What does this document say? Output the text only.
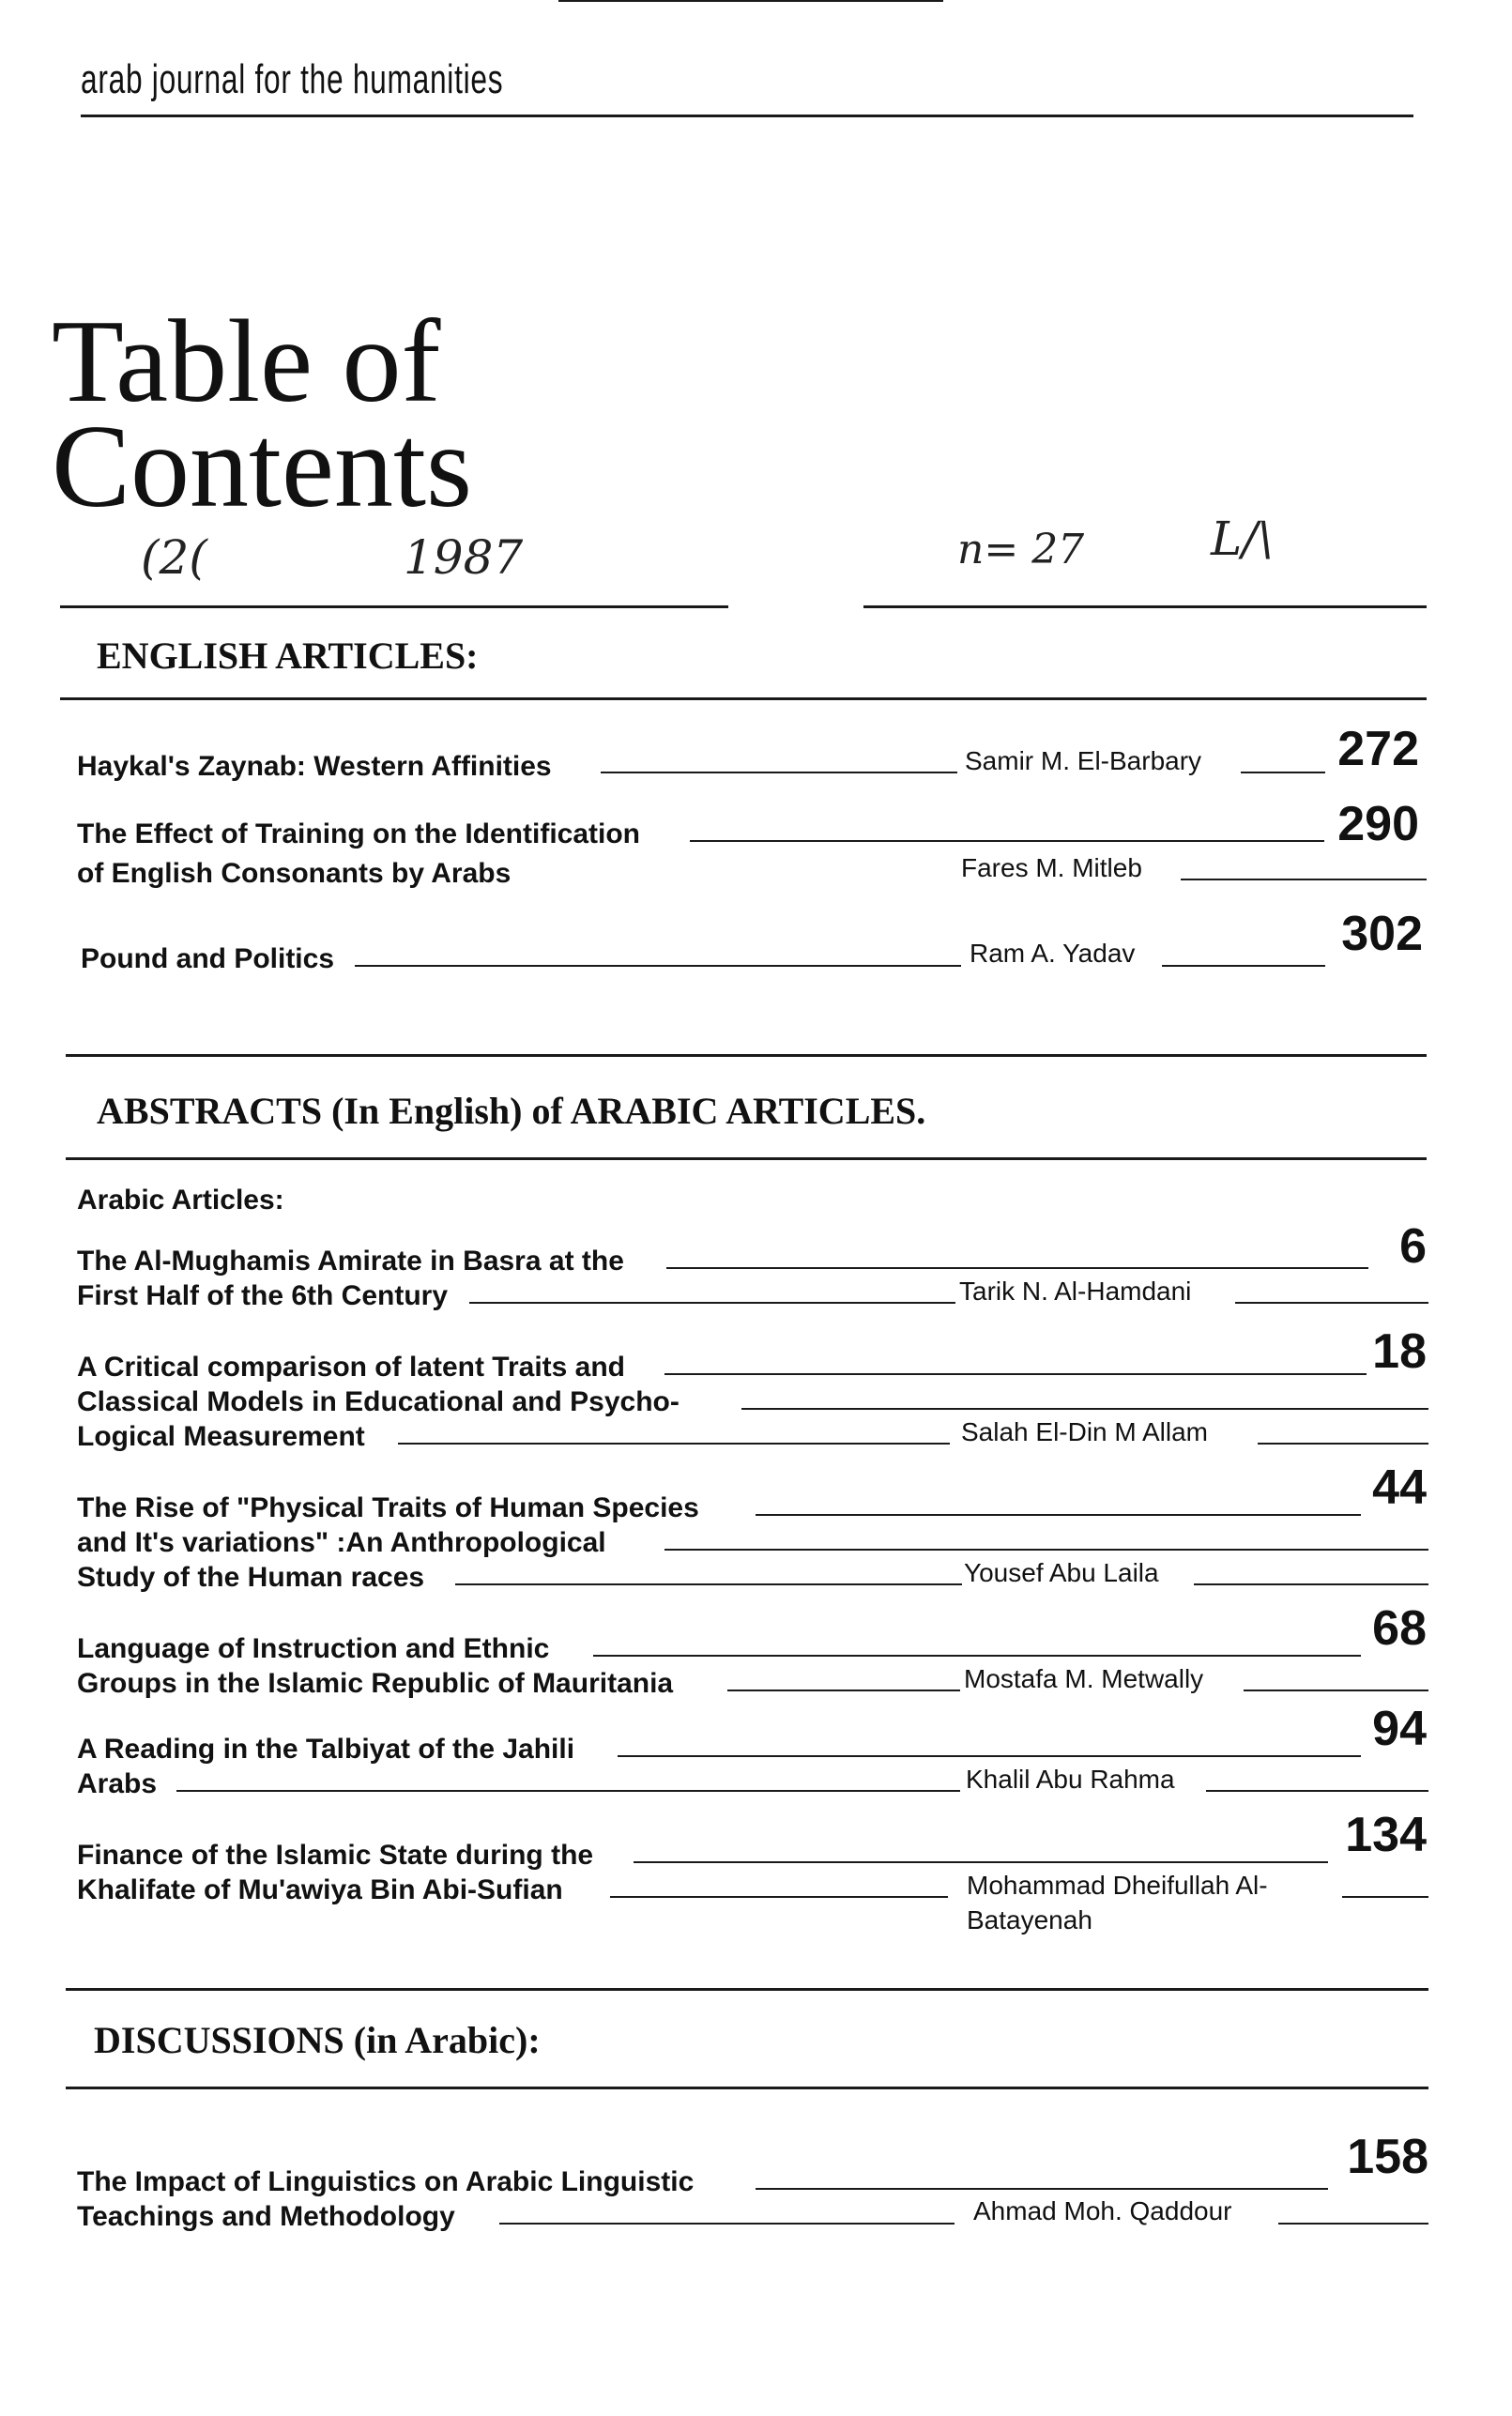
arab journal for the humanities
Table of
Contents
(2(	1987	n= 27	L/\
ENGLISH ARTICLES:
Haykal's Zaynab: Western Affinities	Samir M. El-Barbary	272
The Effect of Training on the Identification	290
of English Consonants by Arabs	Fares M. Mitleb
Pound and Politics	Ram A. Yadav	302
ABSTRACTS (In English) of ARABIC ARTICLES.
Arabic Articles:
The Al-Mughamis Amirate in Basra at the	6
First Half of the 6th Century	Tarik N. Al-Hamdani
A Critical comparison of latent Traits and	18
Classical Models in Educational and Psycho-
Logical Measurement	Salah El-Din M Allam
The Rise of "Physical Traits of Human Species	44
and It's variations" :An Anthropological
Study of the Human races	Yousef Abu Laila
Language of Instruction and Ethnic	68
Groups in the Islamic Republic of Mauritania	Mostafa M. Metwally
A Reading in the Talbiyat of the Jahili	94
Arabs	Khalil Abu Rahma
Finance of the Islamic State during the	134
Khalifate of Mu'awiya Bin Abi-Sufian	Mohammad Dheifullah Al-
Batayenah
DISCUSSIONS (in Arabic):
The Impact of Linguistics on Arabic Linguistic	158
Teachings and Methodology	Ahmad Moh. Qaddour
